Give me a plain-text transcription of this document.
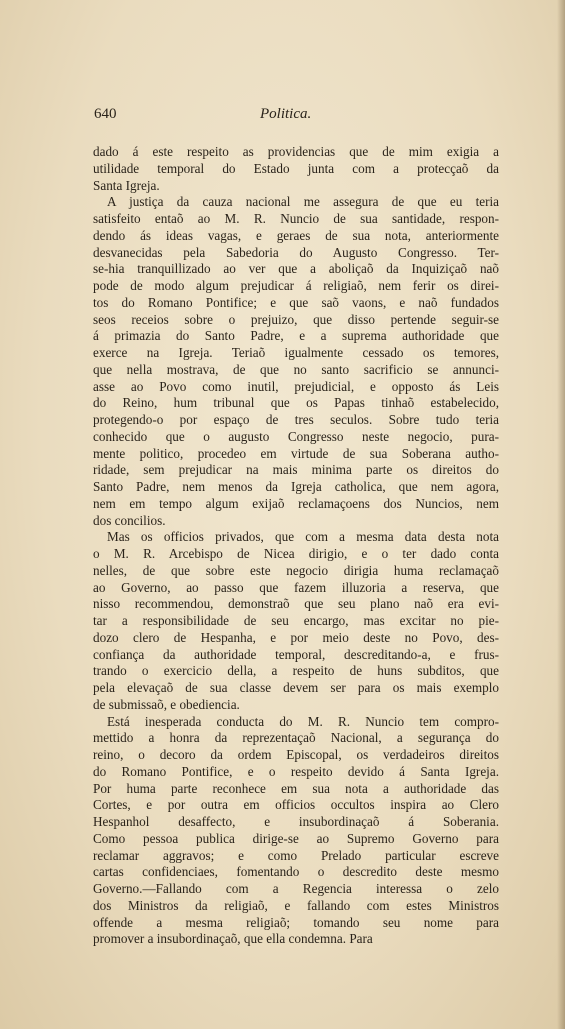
640	Politica.
dado á este respeito as providencias que de mim exigia a
utilidade temporal do Estado junta com a protecçaõ da
Santa Igreja.
A justiça da cauza nacional me assegura de que eu teria
satisfeito entaõ ao M. R. Nuncio de sua santidade, respon-
dendo ás ideas vagas, e geraes de sua nota, anteriormente
desvanecidas pela Sabedoria do Augusto Congresso. Ter-
se-hia tranquillizado ao ver que a aboliçaõ da Inquiziçaõ naõ
pode de modo algum prejudicar á religiaõ, nem ferir os direi-
tos do Romano Pontifice; e que saõ vaons, e naõ fundados
seos receios sobre o prejuizo, que disso pertende seguir-se
á primazia do Santo Padre, e a suprema authoridade que
exerce na Igreja. Teriaõ igualmente cessado os temores,
que nella mostrava, de que no santo sacrificio se annunci-
asse ao Povo como inutil, prejudicial, e opposto ás Leis
do Reino, hum tribunal que os Papas tinhaõ estabelecido,
protegendo-o por espaço de tres seculos. Sobre tudo teria
conhecido que o augusto Congresso neste negocio, pura-
mente politico, procedeo em virtude de sua Soberana autho-
ridade, sem prejudicar na mais minima parte os direitos do
Santo Padre, nem menos da Igreja catholica, que nem agora,
nem em tempo algum exijaõ reclamaçoens dos Nuncios, nem
dos concilios.
Mas os officios privados, que com a mesma data desta nota
o M. R. Arcebispo de Nicea dirigio, e o ter dado conta
nelles, de que sobre este negocio dirigia huma reclamaçaõ
ao Governo, ao passo que fazem illuzoria a reserva, que
nisso recommendou, demonstraõ que seu plano naõ era evi-
tar a responsibilidade de seu encargo, mas excitar no pie-
dozo clero de Hespanha, e por meio deste no Povo, des-
confiança da authoridade temporal, descreditando-a, e frus-
trando o exercicio della, a respeito de huns subditos, que
pela elevaçaõ de sua classe devem ser para os mais exemplo
de submissaõ, e obediencia.
Está inesperada conducta do M. R. Nuncio tem compro-
mettido a honra da reprezentaçaõ Nacional, a segurança do
reino, o decoro da ordem Episcopal, os verdadeiros direitos
do Romano Pontifice, e o respeito devido á Santa Igreja.
Por huma parte reconhece em sua nota a authoridade das
Cortes, e por outra em officios occultos inspira ao Clero
Hespanhol desaffecto, e insubordinaçaõ á Soberania.
Como pessoa publica dirige-se ao Supremo Governo para
reclamar aggravos; e como Prelado particular escreve
cartas confidenciaes, fomentando o descredito deste mesmo
Governo.—Fallando com a Regencia interessa o zelo
dos Ministros da religiaõ, e fallando com estes Ministros
offende a mesma religiaõ; tomando seu nome para
promover a insubordinaçaõ, que ella condemna. Para
